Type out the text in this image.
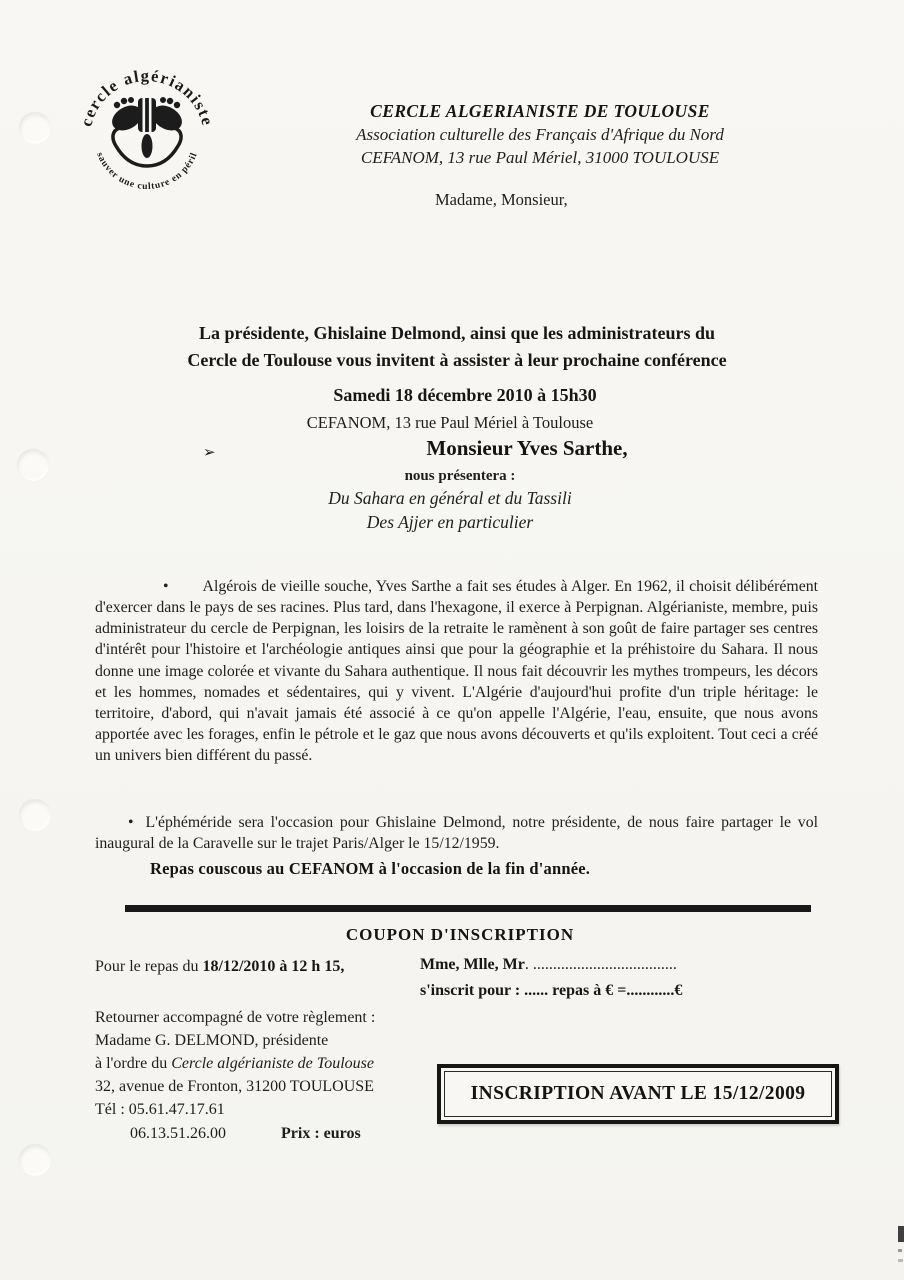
cercle algérianiste
sauver une culture en péril
CERCLE ALGERIANISTE DE TOULOUSE
Association culturelle des Français d'Afrique du Nord
CEFANOM, 13 rue Paul Mériel, 31000 TOULOUSE
Madame, Monsieur,
La présidente, Ghislaine Delmond, ainsi que les administrateurs du
Cercle de Toulouse vous invitent à assister à leur prochaine conférence
Samedi 18 décembre 2010 à 15h30
CEFANOM, 13 rue Paul Mériel à Toulouse
➢	Monsieur Yves Sarthe,
nous présentera :
Du Sahara en général et du Tassili
Des Ajjer en particulier

• Algérois de vieille souche, Yves Sarthe a fait ses études à Alger. En 1962, il choisit délibérément d'exercer dans le pays de ses racines. Plus tard, dans l'hexagone, il exerce à Perpignan. Algérianiste, membre, puis administrateur du cercle de Perpignan, les loisirs de la retraite le ramènent à son goût de faire partager ses centres d'intérêt pour l'histoire et l'archéologie antiques ainsi que pour la géographie et la préhistoire du Sahara. Il nous donne une image colorée et vivante du Sahara authentique. Il nous fait découvrir les mythes trompeurs, les décors et les hommes, nomades et sédentaires, qui y vivent. L'Algérie d'aujourd'hui profite d'un triple héritage: le territoire, d'abord, qui n'avait jamais été associé à ce qu'on appelle l'Algérie, l'eau, ensuite, que nous avons apportée avec les forages, enfin le pétrole et le gaz que nous avons découverts et qu'ils exploitent. Tout ceci a créé un univers bien différent du passé.

• L'éphéméride sera l'occasion pour Ghislaine Delmond, notre présidente, de nous faire partager le vol inaugural de la Caravelle sur le trajet Paris/Alger le 15/12/1959.

Repas couscous au CEFANOM à l'occasion de la fin d'année.
COUPON D'INSCRIPTION
Pour le repas du 18/12/2010 à 12 h 15,	Mme, Mlle, Mr. ....................................
s'inscrit pour : ...... repas à € =............€
Retourner accompagné de votre règlement :
Madame G. DELMOND, présidente
à l'ordre du Cercle algérianiste de Toulouse
32, avenue de Fronton, 31200 TOULOUSE
Tél : 05.61.47.17.61
06.13.51.26.00	Prix : euros
INSCRIPTION AVANT LE 15/12/2009
